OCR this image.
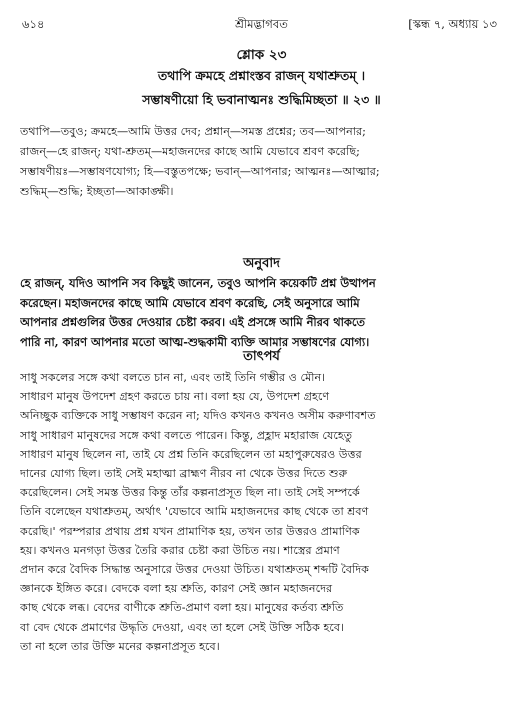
৬১৪	শ্রীমদ্ভাগবত	[স্কন্ধ ৭, অধ্যায় ১৩
শ্লোক ২৩
তথাপি ক্রমহে প্রশ্নাংস্তব রাজন্ যথাশ্রুতম্ ।
সম্ভাষণীয়ো হি ভবানাত্মনঃ শুদ্ধিমিচ্ছতা ॥ ২৩ ॥
তথাপি—তবুও; ক্রমহে—আমি উত্তর দেব; প্রশ্নান্—সমস্ত প্রশ্নের; তব—আপনার;
রাজন্—হে রাজন্; যথা-শ্রুতম্—মহাজনদের কাছে আমি যেভাবে শ্রবণ করেছি;
সম্ভাষণীয়ঃ—সম্ভাষণযোগ্য; হি—বস্তুতপক্ষে; ভবান্—আপনার; আত্মনঃ—আত্মার;
শুদ্ধিম্—শুদ্ধি; ইচ্ছতা—আকাঙ্ক্ষী।
অনুবাদ
হে রাজন্, যদিও আপনি সব কিছুই জানেন, তবুও আপনি কয়েকটি প্রশ্ন উত্থাপন
করেছেন। মহাজনদের কাছে আমি যেভাবে শ্রবণ করেছি, সেই অনুসারে আমি
আপনার প্রশ্নগুলির উত্তর দেওয়ার চেষ্টা করব। এই প্রসঙ্গে আমি নীরব থাকতে
পারি না, কারণ আপনার মতো আত্ম-শুদ্ধকামী ব্যক্তি আমার সম্ভাষণের যোগ্য।
তাৎপর্য
সাধু সকলের সঙ্গে কথা বলতে চান না, এবং তাই তিনি গম্ভীর ও মৌন।
সাধারণ মানুষ উপদেশ গ্রহণ করতে চায় না। বলা হয় যে, উপদেশ গ্রহণে
অনিচ্ছুক ব্যক্তিকে সাধু সম্ভাষণ করেন না; যদিও কখনও কখনও অসীম করুণাবশত
সাধু সাধারণ মানুষদের সঙ্গে কথা বলতে পারেন। কিন্তু, প্রহ্লাদ মহারাজ যেহেতু
সাধারণ মানুষ ছিলেন না, তাই যে প্রশ্ন তিনি করেছিলেন তা মহাপুরুষেরও উত্তর
দানের যোগ্য ছিল। তাই সেই মহাত্মা ব্রাহ্মণ নীরব না থেকে উত্তর দিতে শুরু
করেছিলেন। সেই সমস্ত উত্তর কিন্তু তাঁর কল্পনাপ্রসূত ছিল না। তাই সেই সম্পর্কে
তিনি বলেছেন যথাশ্রুতম্, অর্থাৎ 'যেভাবে আমি মহাজনদের কাছ থেকে তা শ্রবণ
করেছি।' পরম্পরার প্রথায় প্রশ্ন যখন প্রামাণিক হয়, তখন তার উত্তরও প্রামাণিক
হয়। কখনও মনগড়া উত্তর তৈরি করার চেষ্টা করা উচিত নয়। শাস্ত্রের প্রমাণ
প্রদান করে বৈদিক সিদ্ধান্ত অনুসারে উত্তর দেওয়া উচিত। যথাশ্রুতম্ শব্দটি বৈদিক
জ্ঞানকে ইঙ্গিত করে। বেদকে বলা হয় শ্রুতি, কারণ সেই জ্ঞান মহাজনদের
কাছ থেকে লব্ধ। বেদের বাণীকে শ্রুতি-প্রমাণ বলা হয়। মানুষের কর্তব্য শ্রুতি
বা বেদ থেকে প্রমাণের উদ্ধৃতি দেওয়া, এবং তা হলে সেই উক্তি সঠিক হবে।
তা না হলে তার উক্তি মনের কল্পনাপ্রসূত হবে।
